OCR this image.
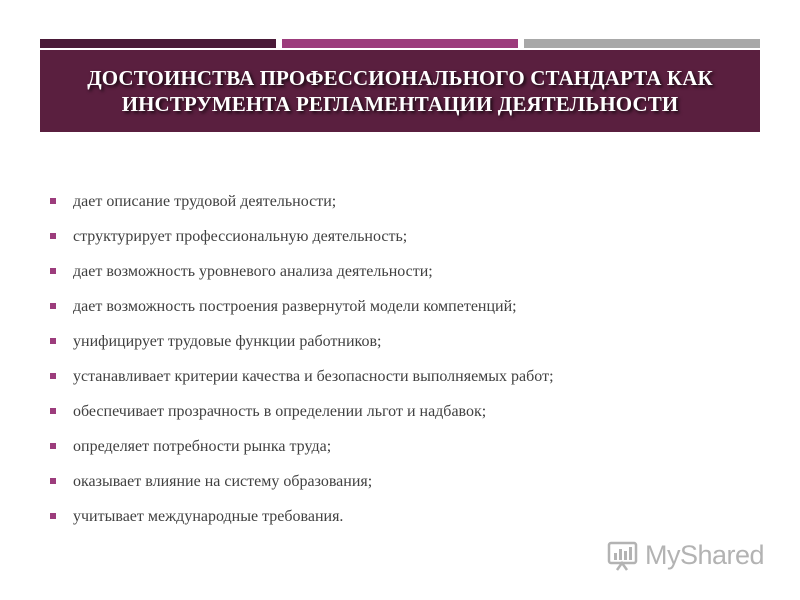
ДОСТОИНСТВА ПРОФЕССИОНАЛЬНОГО СТАНДАРТА КАК ИНСТРУМЕНТА РЕГЛАМЕНТАЦИИ ДЕЯТЕЛЬНОСТИ
дает описание трудовой деятельности;
структурирует профессиональную деятельность;
дает возможность уровневого анализа деятельности;
дает возможность построения развернутой модели компетенций;
унифицирует трудовые функции работников;
устанавливает критерии качества и безопасности выполняемых работ;
обеспечивает прозрачность в определении льгот и надбавок;
определяет потребности рынка труда;
оказывает влияние на систему образования;
учитывает международные требования.
MyShared
